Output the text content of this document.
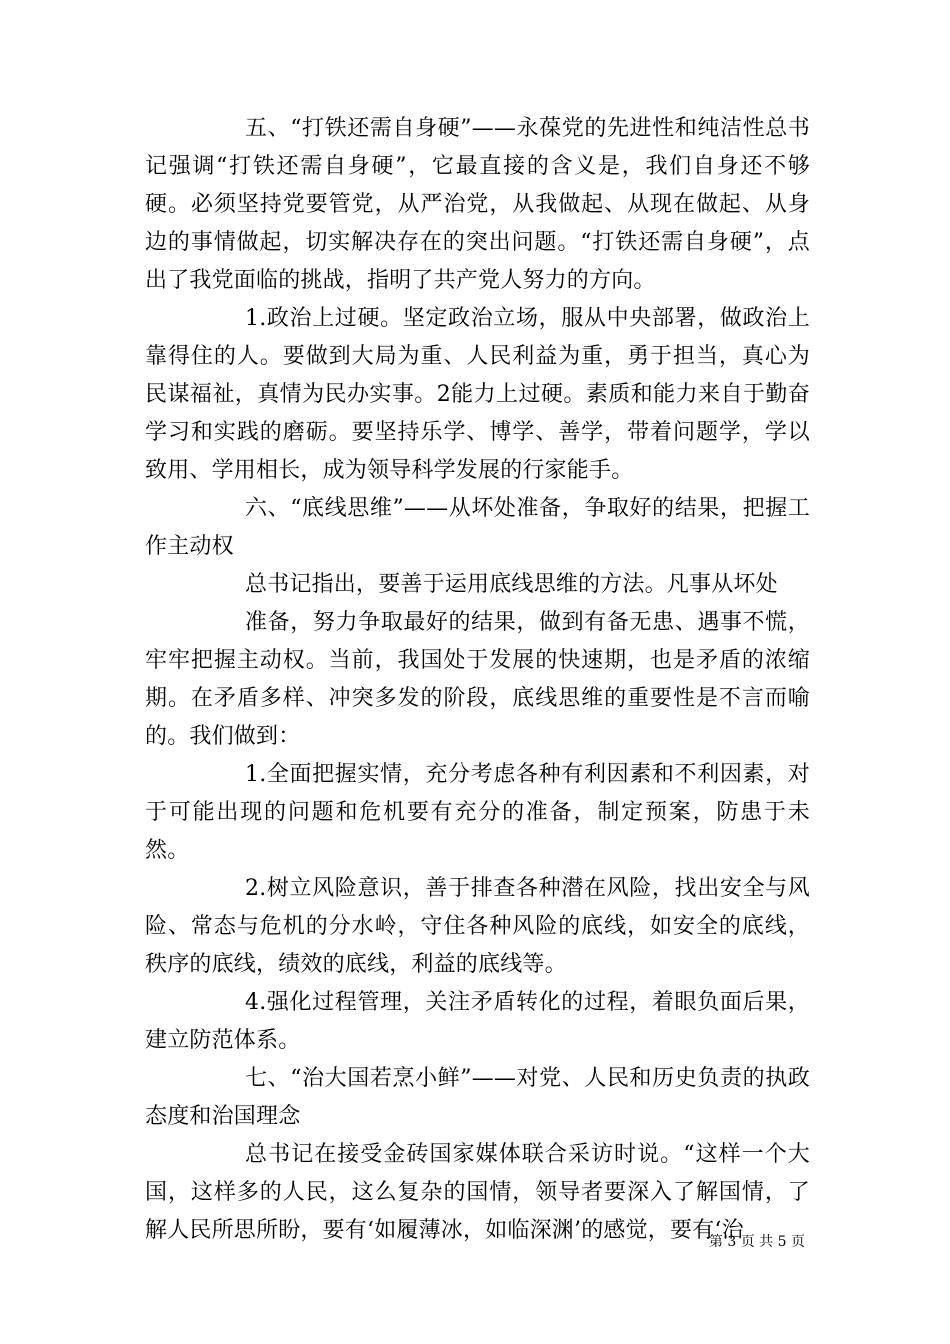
五、“打铁还需自身硬”——永葆党的先进性和纯洁性总书记强调“打铁还需自身硬”，它最直接的含义是，我们自身还不够硬。必须坚持党要管党，从严治党，从我做起、从现在做起、从身边的事情做起，切实解决存在的突出问题。“打铁还需自身硬”，点出了我党面临的挑战，指明了共产党人努力的方向。

1.政治上过硬。坚定政治立场，服从中央部署，做政治上靠得住的人。要做到大局为重、人民利益为重，勇于担当，真心为民谋福祉，真情为民办实事。2能力上过硬。素质和能力来自于勤奋学习和实践的磨砺。要坚持乐学、博学、善学，带着问题学，学以致用、学用相长，成为领导科学发展的行家能手。

六、“底线思维”——从坏处准备，争取好的结果，把握工作主动权

总书记指出，要善于运用底线思维的方法。凡事从坏处

准备，努力争取最好的结果，做到有备无患、遇事不慌，牢牢把握主动权。当前，我国处于发展的快速期，也是矛盾的浓缩期。在矛盾多样、冲突多发的阶段，底线思维的重要性是不言而喻的。我们做到：

1.全面把握实情，充分考虑各种有利因素和不利因素，对于可能出现的问题和危机要有充分的准备，制定预案，防患于未然。

2.树立风险意识，善于排查各种潜在风险，找出安全与风险、常态与危机的分水岭，守住各种风险的底线，如安全的底线，秩序的底线，绩效的底线，利益的底线等。

4.强化过程管理，关注矛盾转化的过程，着眼负面后果，建立防范体系。

七、“治大国若烹小鲜”——对党、人民和历史负责的执政态度和治国理念

总书记在接受金砖国家媒体联合采访时说。“这样一个大国，这样多的人民，这么复杂的国情，领导者要深入了解国情，了解人民所思所盼，要有‘如履薄冰，如临深渊’的感觉，要有‘治

第 3 页 共 5 页
